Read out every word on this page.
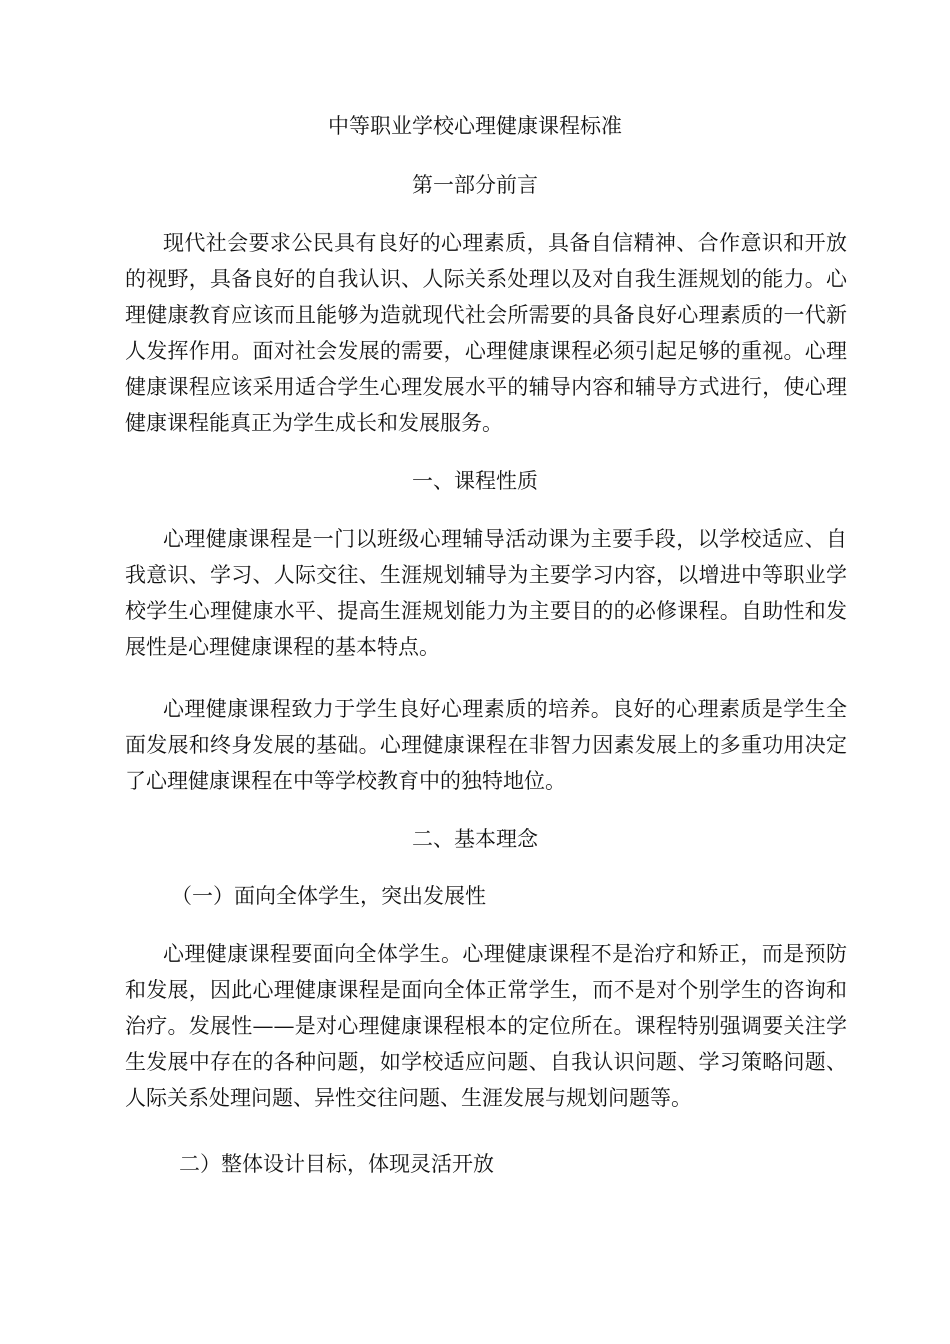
中等职业学校心理健康课程标准
第一部分前言
现代社会要求公民具有良好的心理素质，具备自信精神、合作意识和开放
的视野，具备良好的自我认识、人际关系处理以及对自我生涯规划的能力。心
理健康教育应该而且能够为造就现代社会所需要的具备良好心理素质的一代新
人发挥作用。面对社会发展的需要，心理健康课程必须引起足够的重视。心理
健康课程应该采用适合学生心理发展水平的辅导内容和辅导方式进行，使心理
健康课程能真正为学生成长和发展服务。
一、课程性质
心理健康课程是一门以班级心理辅导活动课为主要手段，以学校适应、自
我意识、学习、人际交往、生涯规划辅导为主要学习内容，以增进中等职业学
校学生心理健康水平、提高生涯规划能力为主要目的的必修课程。自助性和发
展性是心理健康课程的基本特点。
心理健康课程致力于学生良好心理素质的培养。良好的心理素质是学生全
面发展和终身发展的基础。心理健康课程在非智力因素发展上的多重功用决定
了心理健康课程在中等学校教育中的独特地位。
二、基本理念
（一）面向全体学生，突出发展性
心理健康课程要面向全体学生。心理健康课程不是治疗和矫正，而是预防
和发展，因此心理健康课程是面向全体正常学生，而不是对个别学生的咨询和
治疗。发展性——是对心理健康课程根本的定位所在。课程特别强调要关注学
生发展中存在的各种问题，如学校适应问题、自我认识问题、学习策略问题、
人际关系处理问题、异性交往问题、生涯发展与规划问题等。
二）整体设计目标，体现灵活开放
